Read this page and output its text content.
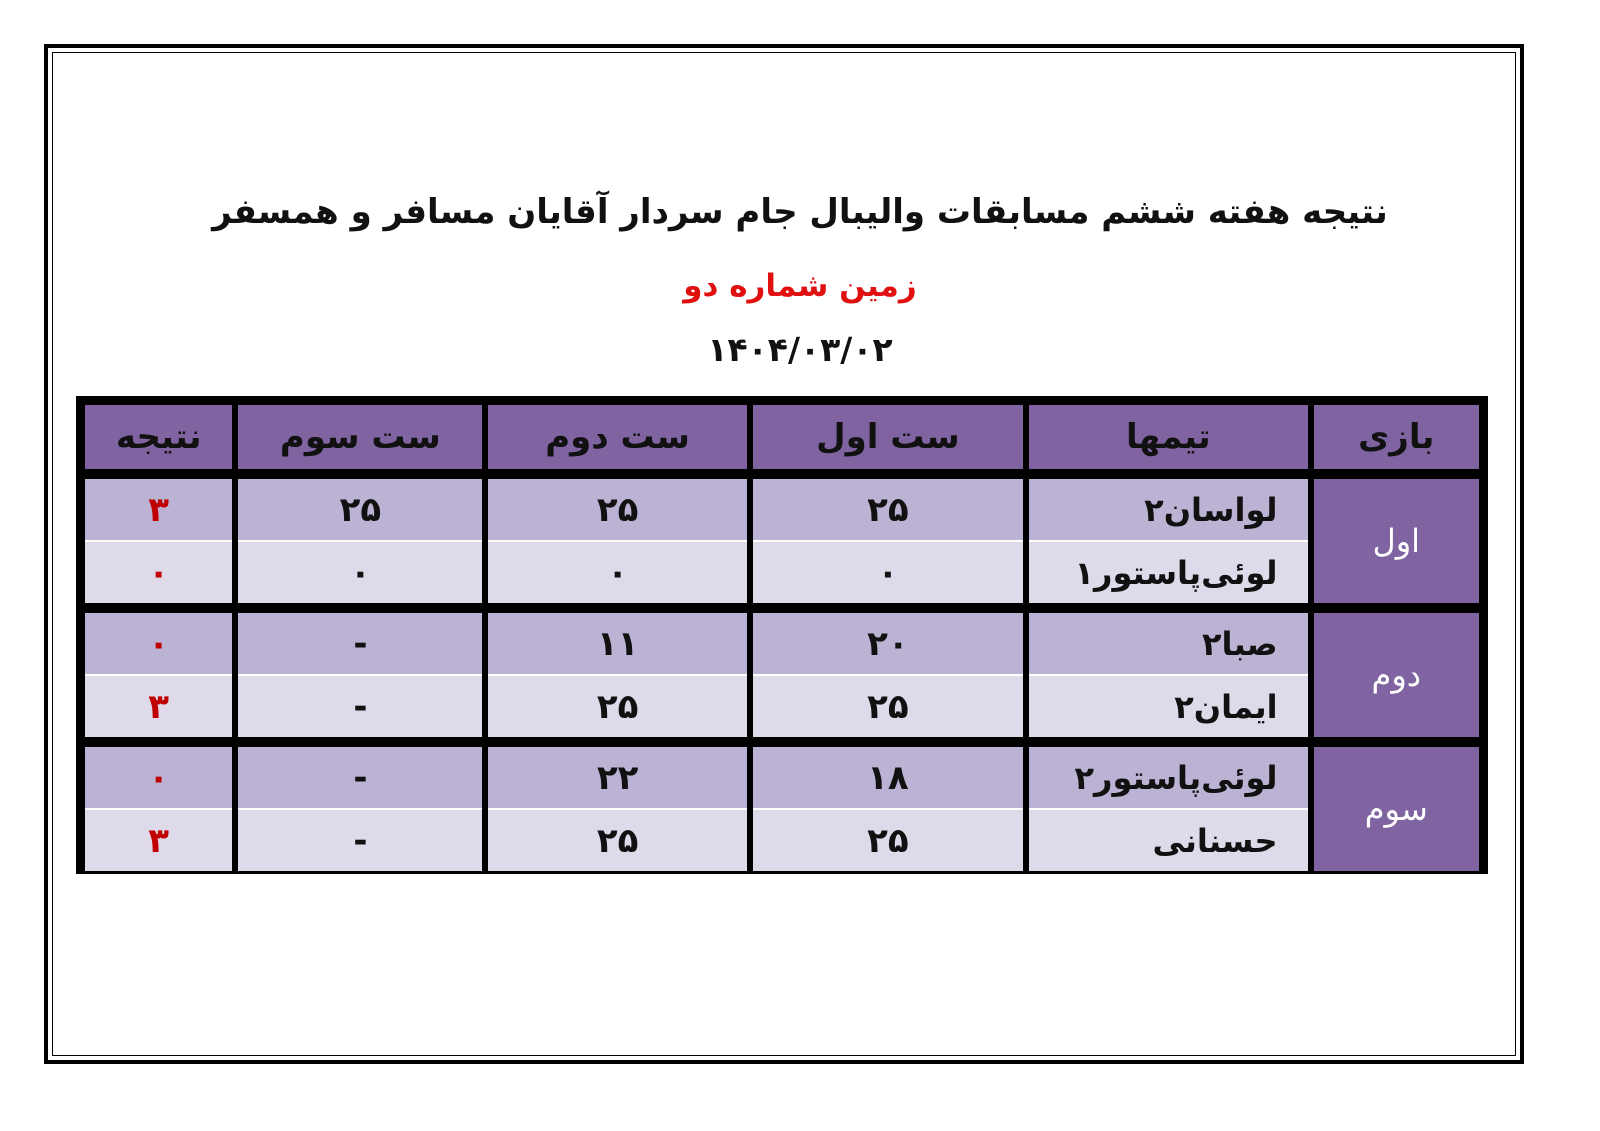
نتیجه هفته ششم مسابقات والیبال جام سردار آقایان مسافر و همسفر
زمین شماره دو
۱۴۰۴/۰۳/۰۲
بازی	تیمها	ست اول	ست دوم	ست سوم	نتیجه

اول	لواسان۲	۲۵	۲۵	۲۵	۳
	لوئی‌پاستور۱	۰	۰	۰	۰

دوم	صبا۲	۲۰	۱۱	-	۰
	ایمان۲	۲۵	۲۵	-	۳

سوم	لوئی‌پاستور۲	۱۸	۲۲	-	۰
	حسنانی	۲۵	۲۵	-	۳
